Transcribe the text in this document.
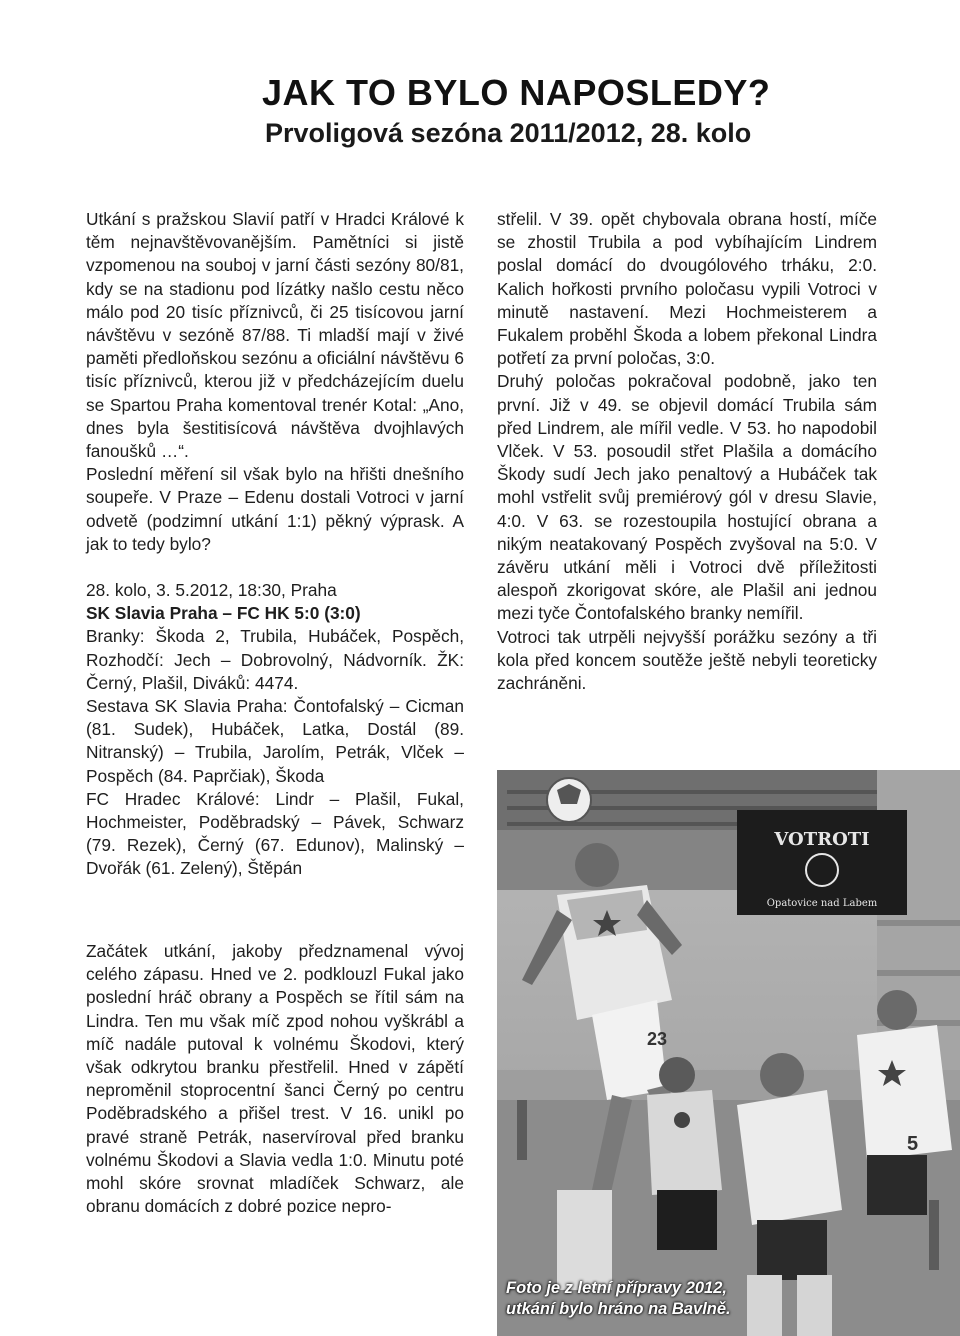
JAK TO BYLO NAPOSLEDY?
Prvoligová sezóna 2011/2012, 28. kolo

Utkání s pražskou Slavií patří v Hradci Králové k těm nejnavštěvovanějším. Pamětníci si jistě vzpomenou na souboj v jarní části sezóny 80/81, kdy se na stadionu pod lízátky našlo cestu něco málo pod 20 tisíc příznivců, či 25 tisícovou jarní návštěvu v sezóně 87/88. Ti mladší mají v živé paměti předloňskou sezónu a oficiální návštěvu 6 tisíc příznivců, kterou již v předcházejícím duelu se Spartou Praha komentoval trenér Kotal: „Ano, dnes byla šestitisícová návštěva dvojhlavých fanoušků …“.

Poslední měření sil však bylo na hřišti dnešního soupeře. V Praze – Edenu dostali Votroci v jarní odvetě (podzimní utkání 1:1) pěkný výprask. A jak to tedy bylo?

28. kolo, 3. 5.2012, 18:30, Praha

SK Slavia Praha – FC HK 5:0 (3:0)

Branky: Škoda 2, Trubila, Hubáček, Pospěch, Rozhodčí: Jech – Dobrovolný, Nádvorník. ŽK: Černý, Plašil, Diváků: 4474.

Sestava SK Slavia Praha: Čontofalský – Cicman (81. Sudek), Hubáček, Latka, Dostál (89. Nitranský) – Trubila, Jarolím, Petrák, Vlček – Pospěch (84. Paprčiak), Škoda

FC Hradec Králové: Lindr – Plašil, Fukal, Hochmeister, Poděbradský – Pávek, Schwarz (79. Rezek), Černý (67. Edunov), Malinský – Dvořák (61. Zelený), Štěpán

Začátek utkání, jakoby předznamenal vývoj celého zápasu. Hned ve 2. podklouzl Fukal jako poslední hráč obrany a Pospěch se řítil sám na Lindra. Ten mu však míč zpod nohou vyškrábl a míč nadále putoval k volnému Škodovi, který však odkrytou branku přestřelil. Hned v zápětí neproměnil stoprocentní šanci Černý po centru Poděbradského a přišel trest. V 16. unikl po pravé straně Petrák, naservíroval před branku volnému Škodovi a Slavia vedla 1:0. Minutu poté mohl skóre srovnat mladíček Schwarz, ale obranu domácích z dobré pozice nepro-

střelil. V 39. opět chybovala obrana hostí, míče se zhostil Trubila a pod vybíhajícím Lindrem poslal domácí do dvougólového trháku, 2:0. Kalich hořkosti prvního poločasu vypili Votroci v minutě nastavení. Mezi Hochmeisterem a Fukalem proběhl Škoda a lobem překonal Lindra potřetí za první poločas, 3:0.

Druhý poločas pokračoval podobně, jako ten první. Již v 49. se objevil domácí Trubila sám před Lindrem, ale mířil vedle. V 53. ho napodobil Vlček. V 53. posoudil střet Plašila a domácího Škody sudí Jech jako penaltový a Hubáček tak mohl vstřelit svůj premiérový gól v dresu Slavie, 4:0. V 63. se rozestoupila hostující obrana a nikým neatakovaný Pospěch zvyšoval na 5:0. V závěru utkání měli i Votroci dvě příležitosti alespoň zkorigovat skóre, ale Plašil ani jednou mezi tyče Čontofalského branky nemířil.

Votroci tak utrpěli nejvyšší porážku sezóny a tři kola před koncem soutěže ještě nebyli teoreticky zachráněni.

VOTROTI
Opatovice nad Labem
23
5
Foto je z letní přípravy 2012,
utkání bylo hráno na Bavlně.
